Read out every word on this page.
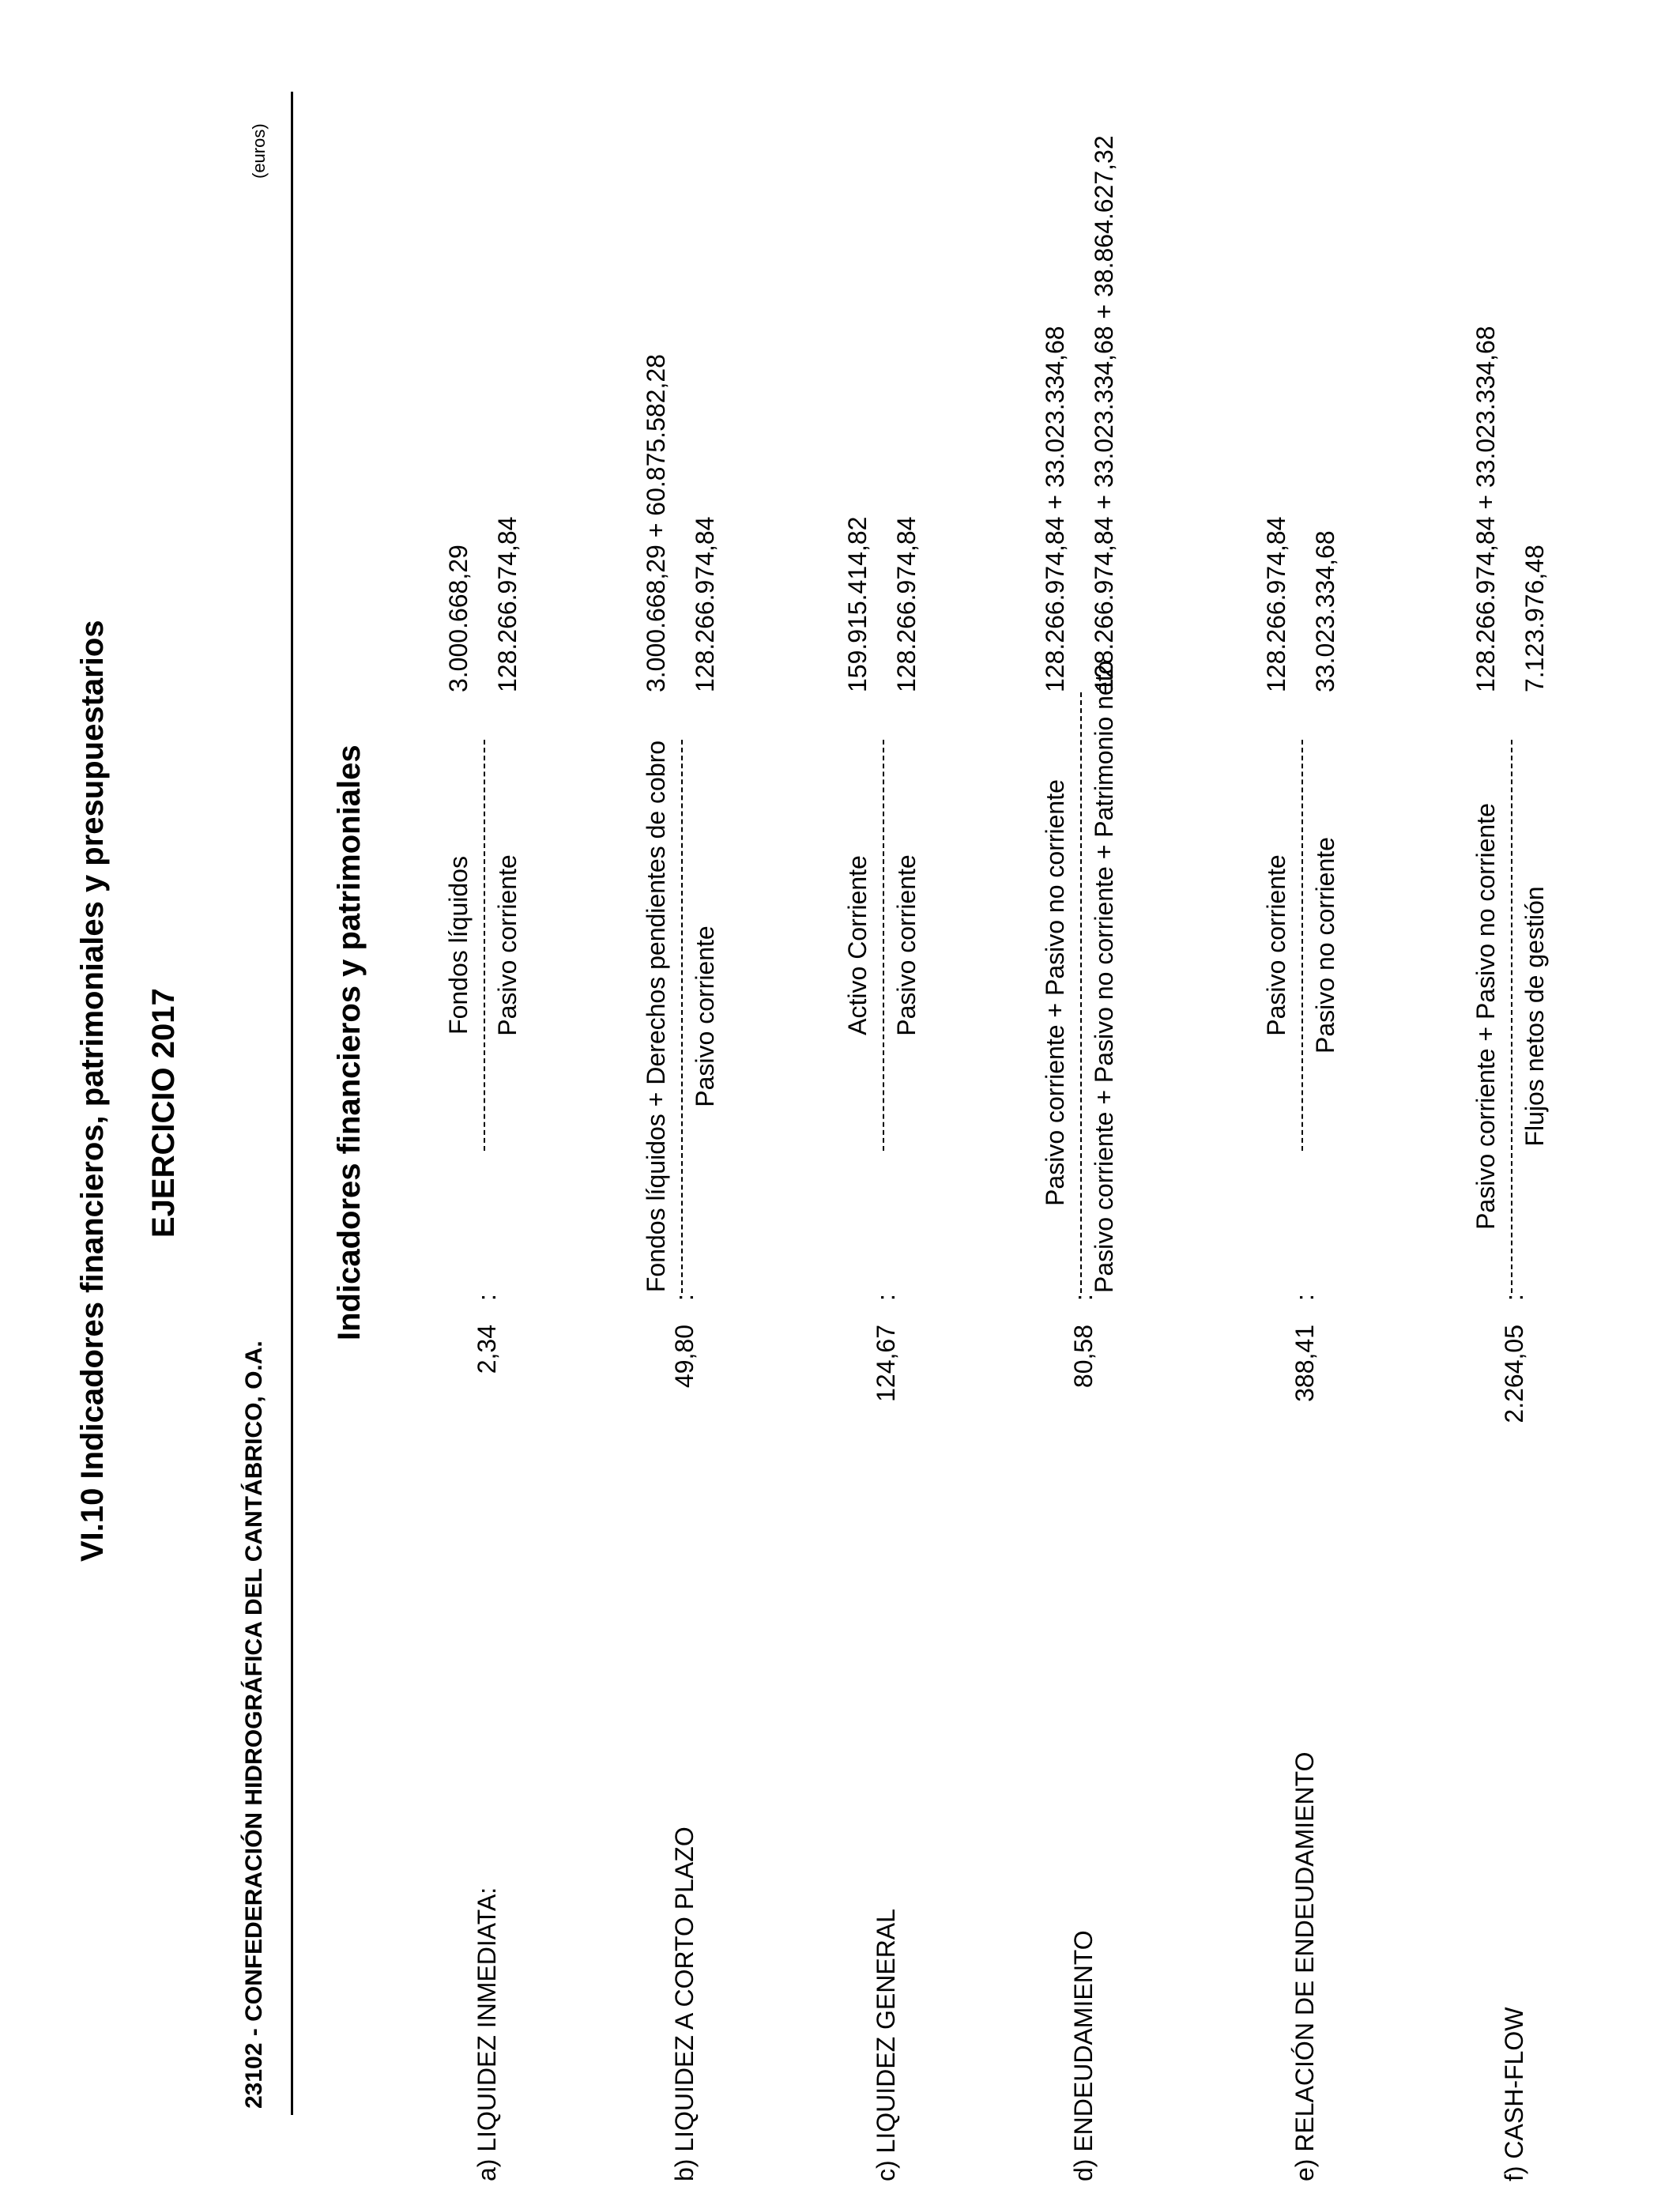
VI.10 Indicadores financieros, patrimoniales y presupuestarios EJERCICIO 2017
23102 - CONFEDERACIÓN HIDROGRÁFICA DEL CANTÁBRICO, O.A.
(euros)
Indicadores financieros y patrimoniales
a) LIQUIDEZ INMEDIATA:
2,34
:
Fondos líquidos Pasivo corriente
3.000.668,29 128.266.974,84
b) LIQUIDEZ A CORTO PLAZO
49,80
:
Fondos líquidos + Derechos pendientes de cobro Pasivo corriente
3.000.668,29 + 60.875.582,28 128.266.974,84
c) LIQUIDEZ GENERAL
124,67
:
Activo Corriente Pasivo corriente
159.915.414,82 128.266.974,84
d) ENDEUDAMIENTO
80,58
:
Pasivo corriente + Pasivo no corriente Pasivo corriente + Pasivo no corriente + Patrimonio neto
128.266.974,84 + 33.023.334,68 128.266.974,84 + 33.023.334,68 + 38.864.627,32
e) RELACIÓN DE ENDEUDAMIENTO
388,41
:
Pasivo corriente Pasivo no corriente
128.266.974,84 33.023.334,68
f) CASH-FLOW
2.264,05
:
Pasivo corriente + Pasivo no corriente Flujos netos de gestión
128.266.974,84 + 33.023.334,68 7.123.976,48
